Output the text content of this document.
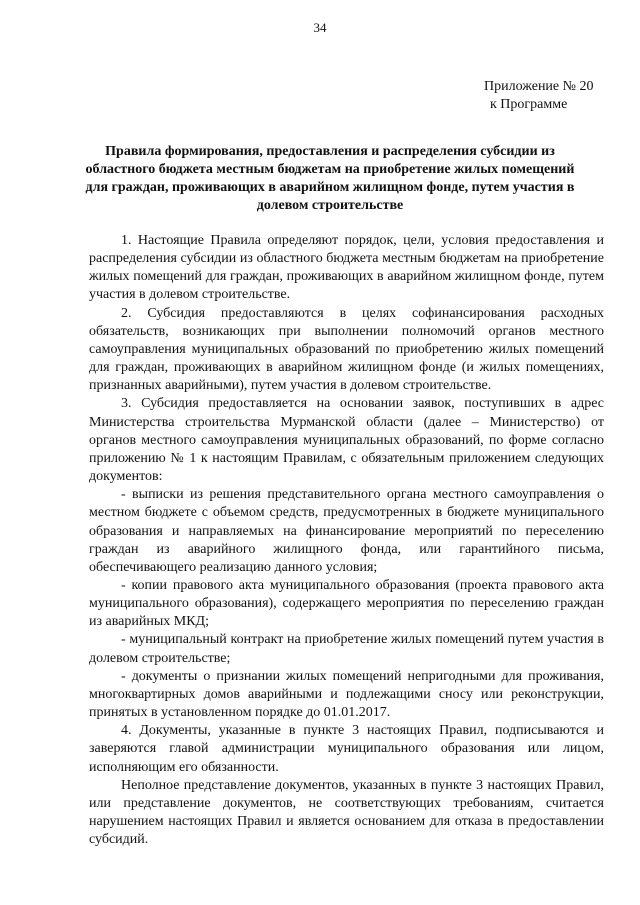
34
Приложение № 20
к Программе
Правила формирования, предоставления и распределения субсидии из областного бюджета местным бюджетам на приобретение жилых помещений для граждан, проживающих в аварийном жилищном фонде, путем участия в долевом строительстве

1. Настоящие Правила определяют порядок, цели, условия предоставления и распределения субсидии из областного бюджета местным бюджетам на приобретение жилых помещений для граждан, проживающих в аварийном жилищном фонде, путем участия в долевом строительстве.

2. Субсидия предоставляются в целях софинансирования расходных обязательств, возникающих при выполнении полномочий органов местного самоуправления муниципальных образований по приобретению жилых помещений для граждан, проживающих в аварийном жилищном фонде (и жилых помещениях, признанных аварийными), путем участия в долевом строительстве.

3. Субсидия предоставляется на основании заявок, поступивших в адрес Министерства строительства Мурманской области (далее – Министерство) от органов местного самоуправления муниципальных образований, по форме согласно приложению № 1 к настоящим Правилам, с обязательным приложением следующих документов:

- выписки из решения представительного органа местного самоуправления о местном бюджете с объемом средств, предусмотренных в бюджете муниципального образования и направляемых на финансирование мероприятий по переселению граждан из аварийного жилищного фонда, или гарантийного письма, обеспечивающего реализацию данного условия;

- копии правового акта муниципального образования (проекта правового акта муниципального образования), содержащего мероприятия по переселению граждан из аварийных МКД;

- муниципальный контракт на приобретение жилых помещений путем участия в долевом строительстве;

- документы о признании жилых помещений непригодными для проживания, многоквартирных домов аварийными и подлежащими сносу или реконструкции, принятых в установленном порядке до 01.01.2017.

4. Документы, указанные в пункте 3 настоящих Правил, подписываются и заверяются главой администрации муниципального образования или лицом, исполняющим его обязанности.

Неполное представление документов, указанных в пункте 3 настоящих Правил, или представление документов, не соответствующих требованиям, считается нарушением настоящих Правил и является основанием для отказа в предоставлении субсидий.
